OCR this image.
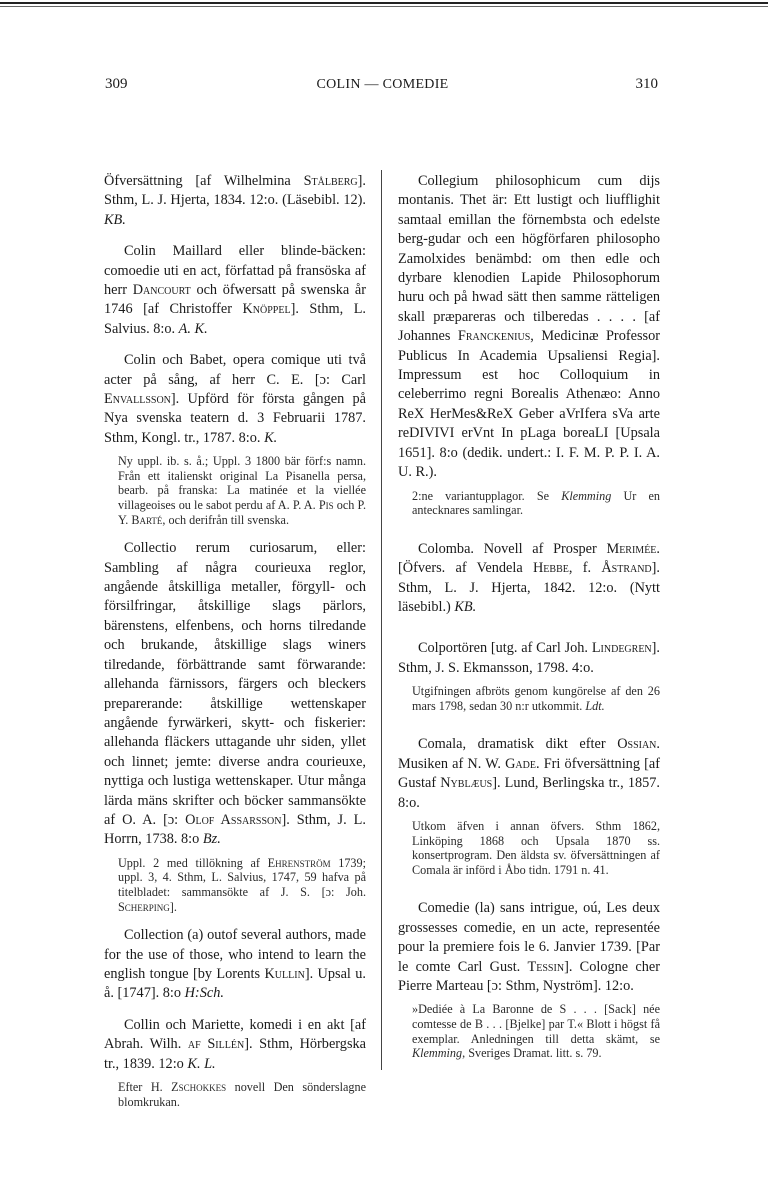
309	COLIN — COMEDIE	310

Öfversättning [af Wilhelmina Stålberg]. Sthm, L. J. Hjerta, 1834. 12:o. (Läsebibl. 12). KB.

Colin Maillard eller blinde-bäcken: comoedie uti en act, författad på fransöska af herr Dancourt och öfwersatt på swenska år 1746 [af Christoffer Knöppel]. Sthm, L. Salvius. 8:o. A. K.

Colin och Babet, opera comique uti två acter på sång, af herr C. E. [ɔ: Carl Envallsson]. Upförd för första gången på Nya svenska teatern d. 3 Februarii 1787. Sthm, Kongl. tr., 1787. 8:o. K.

Ny uppl. ib. s. å.; Uppl. 3 1800 bär förf:s namn. Från ett italienskt original La Pisanella persa, bearb. på franska: La matinée et la viellée villageoises ou le sabot perdu af A. P. A. Pis och P. Y. Barté, och derifrån till svenska.

Collectio rerum curiosarum, eller: Sambling af några courieuxa reglor, angående åtskilliga metaller, förgyll- och försilfringar, åtskillige slags pärlors, bärenstens, elfenbens, och horns tilredande och brukande, åtskillige slags winers tilredande, förbättrande samt förwarande: allehanda färnissors, färgers och bleckers preparerande: åtskillige wettenskaper angående fyrwärkeri, skytt- och fiskerier: allehanda fläckers uttagande uhr siden, yllet och linnet; jemte: diverse andra courieuxe, nyttiga och lustiga wettenskaper. Utur många lärda mäns skrifter och böcker sammansökte af O. A. [ɔ: Olof Assarsson]. Sthm, J. L. Horrn, 1738. 8:o Bz.

Uppl. 2 med tillökning af Ehrenström 1739; uppl. 3, 4. Sthm, L. Salvius, 1747, 59 hafva på titelbladet: sammansökte af J. S. [ɔ: Joh. Scherping].

Collection (a) outof several authors, made for the use of those, who intend to learn the english tongue [by Lorents Kullin]. Upsal u. å. [1747]. 8:o H:Sch.

Collin och Mariette, komedi i en akt [af Abrah. Wilh. af Sillén]. Sthm, Hörbergska tr., 1839. 12:o K. L.

Efter H. Zschokkes novell Den sönderslagne blomkrukan.

Collegium philosophicum cum dijs montanis. Thet är: Ett lustigt och liufflighit samtaal emillan the förnembsta och edelste berg-gudar och een högförfaren philosopho Zamolxides benämbd: om then edle och dyrbare klenodien Lapide Philosophorum huru och på hwad sätt then samme rätteligen skall præpareras och tilberedas . . . . [af Johannes Franckenius, Medicinæ Professor Publicus In Academia Upsaliensi Regia]. Impressum est hoc Colloquium in celeberrimo regni Borealis Athenæo: Anno ReX HerMes&ReX Geber aVrIfera sVa arte reDIVIVI erVnt In pLaga boreaLI [Upsala 1651]. 8:o (dedik. undert.: I. F. M. P. P. I. A. U. R.).

2:ne variantupplagor. Se Klemming Ur en antecknares samlingar.

Colomba. Novell af Prosper Merimée. [Öfvers. af Vendela Hebbe, f. Åstrand]. Sthm, L. J. Hjerta, 1842. 12:o. (Nytt läsebibl.) KB.

Colportören [utg. af Carl Joh. Lindegren]. Sthm, J. S. Ekmansson, 1798. 4:o.

Utgifningen afbröts genom kungörelse af den 26 mars 1798, sedan 30 n:r utkommit. Ldt.

Comala, dramatisk dikt efter Ossian. Musiken af N. W. Gade. Fri öfversättning [af Gustaf Nyblæus]. Lund, Berlingska tr., 1857. 8:o.

Utkom äfven i annan öfvers. Sthm 1862, Linköping 1868 och Upsala 1870 ss. konsertprogram. Den äldsta sv. öfversättningen af Comala är införd i Åbo tidn. 1791 n. 41.

Comedie (la) sans intrigue, oú, Les deux grossesses comedie, en un acte, representée pour la premiere fois le 6. Janvier 1739. [Par le comte Carl Gust. Tessin]. Cologne cher Pierre Marteau [ɔ: Sthm, Nyström]. 12:o.

»Dediée à La Baronne de S . . . [Sack] née comtesse de B . . . [Bjelke] par T.« Blott i högst få exemplar. Anledningen till detta skämt, se Klemming, Sveriges Dramat. litt. s. 79.
